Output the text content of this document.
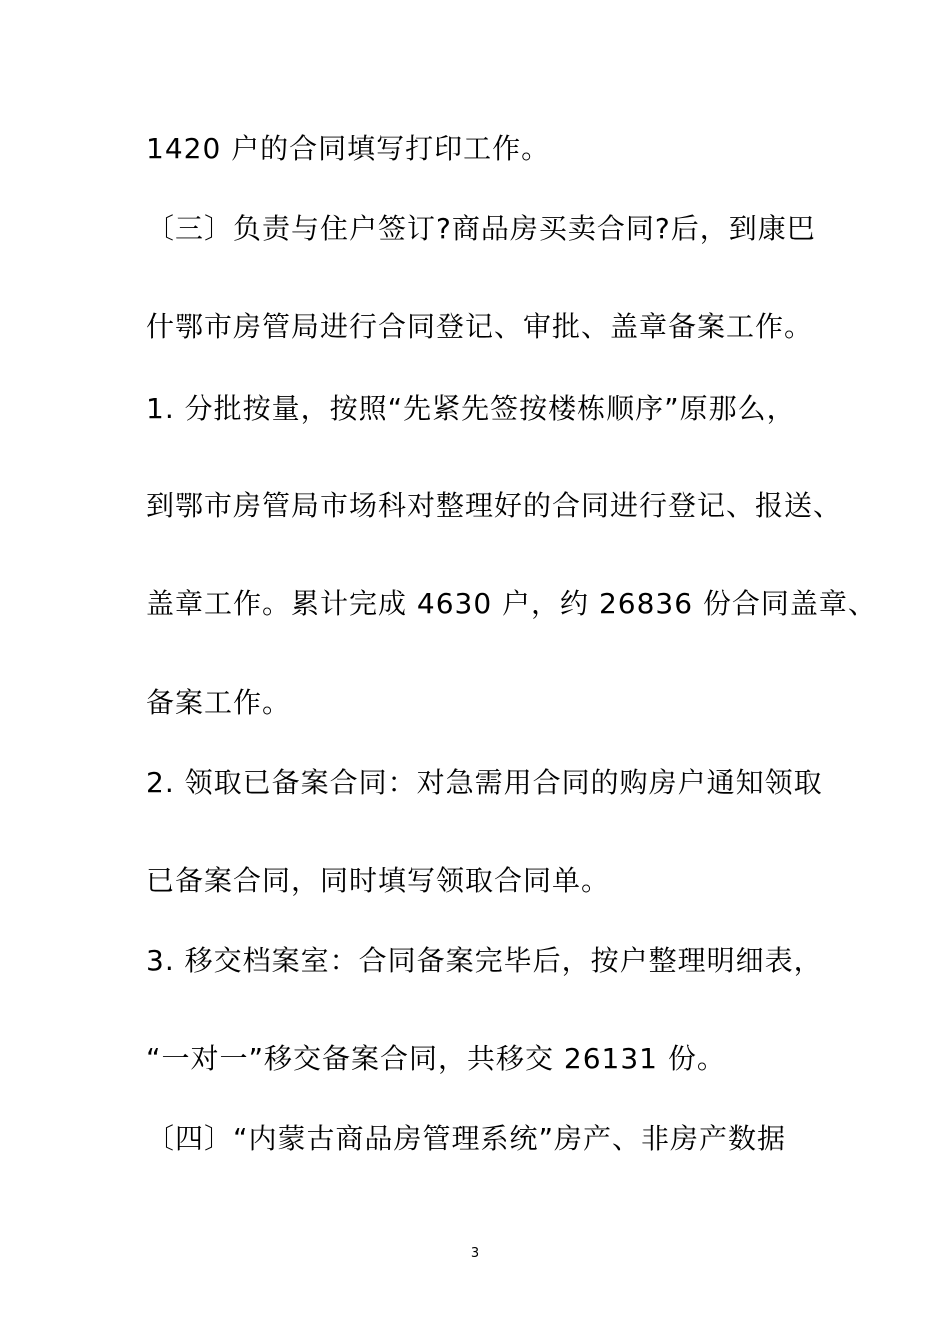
1420 户的合同填写打印工作。
〔三〕负责与住户签订?商品房买卖合同?后，到康巴
什鄂市房管局进行合同登记、审批、盖章备案工作。
1. 分批按量，按照“先紧先签按楼栋顺序”原那么，
到鄂市房管局市场科对整理好的合同进行登记、报送、
盖章工作。累计完成 4630 户，约 26836 份合同盖章、
备案工作。
2. 领取已备案合同：对急需用合同的购房户通知领取
已备案合同，同时填写领取合同单。
3. 移交档案室：合同备案完毕后，按户整理明细表，
“一对一”移交备案合同，共移交 26131 份。
〔四〕“内蒙古商品房管理系统”房产、非房产数据
3
